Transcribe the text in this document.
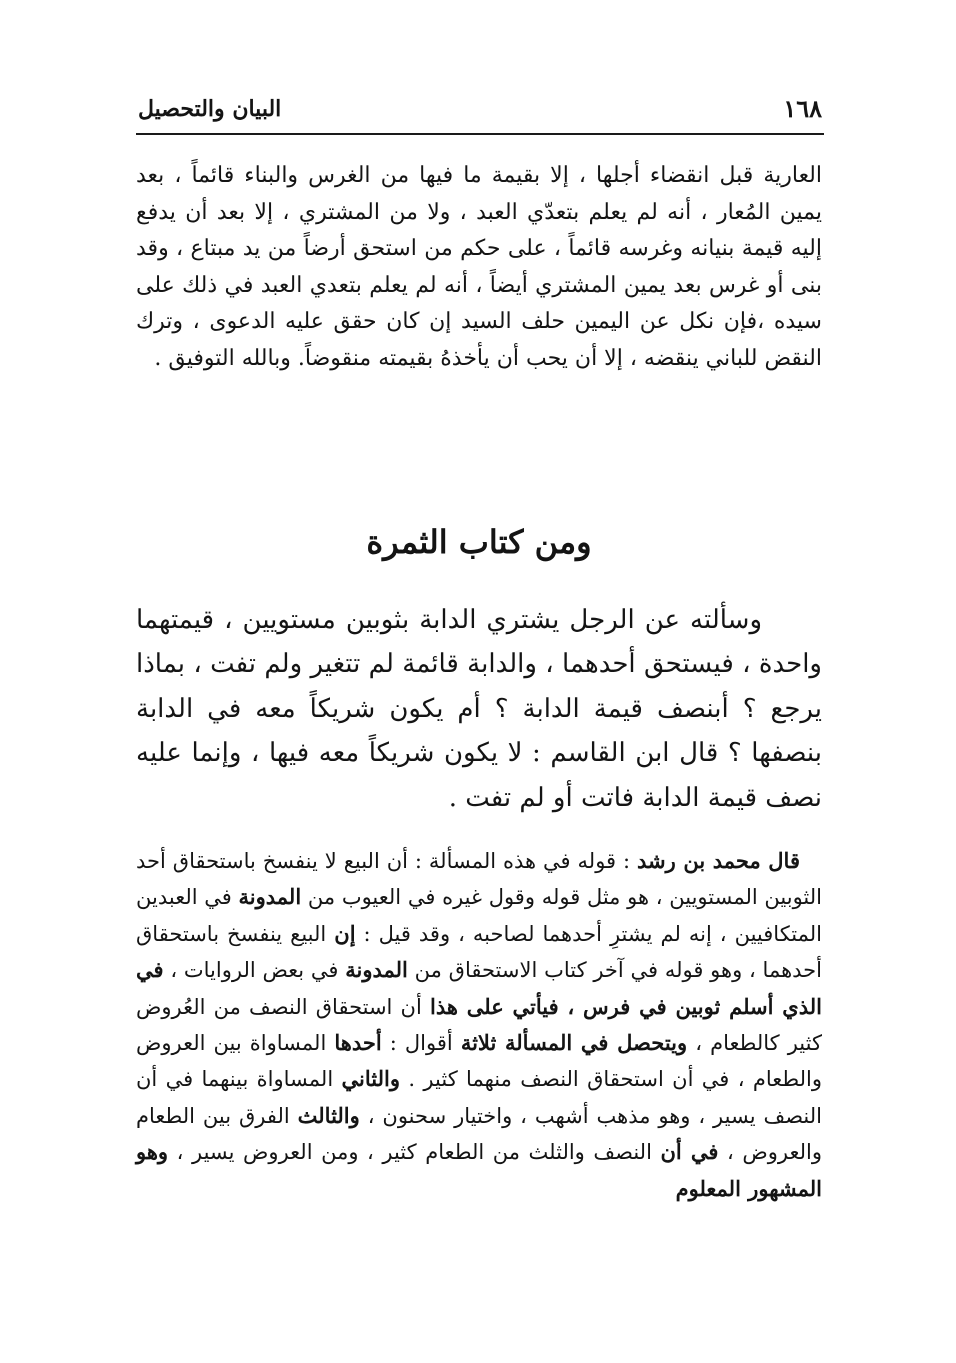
١٦٨
البيان والتحصيل

العارية قبل انقضاء أجلها ، إلا بقيمة ما فيها من الغرس والبناء قائماً ، بعد يمين المُعار ، أنه لم يعلم بتعدّي العبد ، ولا من المشتري ، إلا بعد أن يدفع إليه قيمة بنيانه وغرسه قائماً ، على حكم من استحق أرضاً من يد مبتاع ، وقد بنى أو غرس بعد يمين المشتري أيضاً ، أنه لم يعلم بتعدي العبد في ذلك على سيده ،فإن نكل عن اليمين حلف السيد إن كان حقق عليه الدعوى ، وترك النقض للباني ينقضه ، إلا أن يحب أن يأخذهُ بقيمته منقوضاً. وبالله التوفيق .

ومن كتاب الثمرة

وسألته عن الرجل يشتري الدابة بثوبين مستويين ، قيمتهما واحدة ، فيستحق أحدهما ، والدابة قائمة لم تتغير ولم تفت ، بماذا يرجع ؟ أبنصف قيمة الدابة ؟ أم يكون شريكاً معه في الدابة بنصفها ؟ قال ابن القاسم : لا يكون شريكاً معه فيها ، وإنما عليه نصف قيمة الدابة فاتت أو لم تفت .

قال محمد بن رشد : قوله في هذه المسألة : أن البيع لا ينفسخ باستحقاق أحد الثوبين المستويين ، هو مثل قوله وقول غيره في العيوب من المدونة في العبدين المتكافيين ، إنه لم يشترِ أحدهما لصاحبه ، وقد قيل : إن البيع ينفسخ باستحقاق أحدهما ، وهو قوله في آخر كتاب الاستحقاق من المدونة في بعض الروايات ، في الذي أسلم ثوبين في فرس ، فيأتي على هذا أن استحقاق النصف من العُروض كثير كالطعام ، ويتحصل في المسألة ثلاثة أقوال : أحدها المساواة بين العروض والطعام ، في أن استحقاق النصف منهما كثير . والثاني المساواة بينهما في أن النصف يسير ، وهو مذهب أشهب ، واختيار سحنون ، والثالث الفرق بين الطعام والعروض ، في أن النصف والثلث من الطعام كثير ، ومن العروض يسير ، وهو المشهور المعلوم
